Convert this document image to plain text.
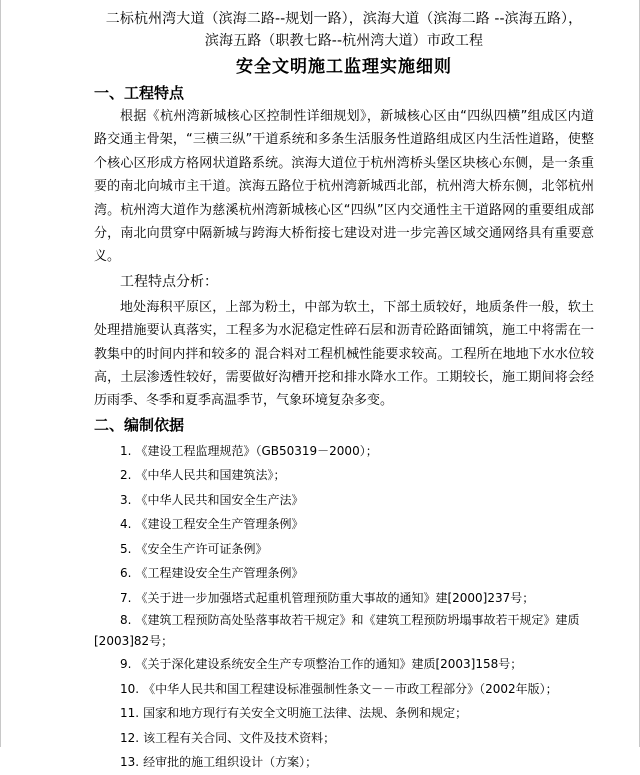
二标杭州湾大道（滨海二路--规划一路），滨海大道（滨海二路 --滨海五路），
滨海五路（职教七路--杭州湾大道）市政工程
安全文明施工监理实施细则
一、工程特点
根据《杭州湾新城核心区控制性详细规划》，新城核心区由“四纵四横”组成区内道路交通主骨架，“三横三纵”干道系统和多条生活服务性道路组成区内生活性道路，使整个核心区形成方格网状道路系统。滨海大道位于杭州湾桥头堡区块核心东侧，是一条重要的南北向城市主干道。滨海五路位于杭州湾新城西北部，杭州湾大桥东侧，北邻杭州湾。杭州湾大道作为慈溪杭州湾新城核心区“四纵”区内交通性主干道路网的重要组成部分，南北向贯穿中隔新城与跨海大桥衔接七建设对进一步完善区域交通网络具有重要意义。
工程特点分析：
地处海积平原区，上部为粉土，中部为软土，下部土质较好，地质条件一般，软土处理措施要认真落实，工程多为水泥稳定性碎石层和沥青砼路面铺筑，施工中将需在一教集中的时间内拌和较多的 混合料对工程机械性能要求较高。工程所在地地下水水位较高，土层渗透性较好，需要做好沟槽开挖和排水降水工作。工期较长，施工期间将会经历雨季、冬季和夏季高温季节，气象环境复杂多变。
二、编制依据
1. 《建设工程监理规范》（GB50319－2000）；
2. 《中华人民共和国建筑法》；
3. 《中华人民共和国安全生产法》
4. 《建设工程安全生产管理条例》
5. 《安全生产许可证条例》
6. 《工程建设安全生产管理条例》
7. 《关于进一步加强塔式起重机管理预防重大事故的通知》建[2000]237号；
8. 《建筑工程预防高处坠落事故若干规定》和《建筑工程预防坍塌事故若干规定》建质[2003]82号；
9. 《关于深化建设系统安全生产专项整治工作的通知》建质[2003]158号；
10. 《中华人民共和国工程建设标准强制性条文－－市政工程部分》（2002年版）；
11. 国家和地方现行有关安全文明施工法律、法规、条例和规定；
12. 该工程有关合同、文件及技术资料；
13. 经审批的施工组织设计（方案）；
